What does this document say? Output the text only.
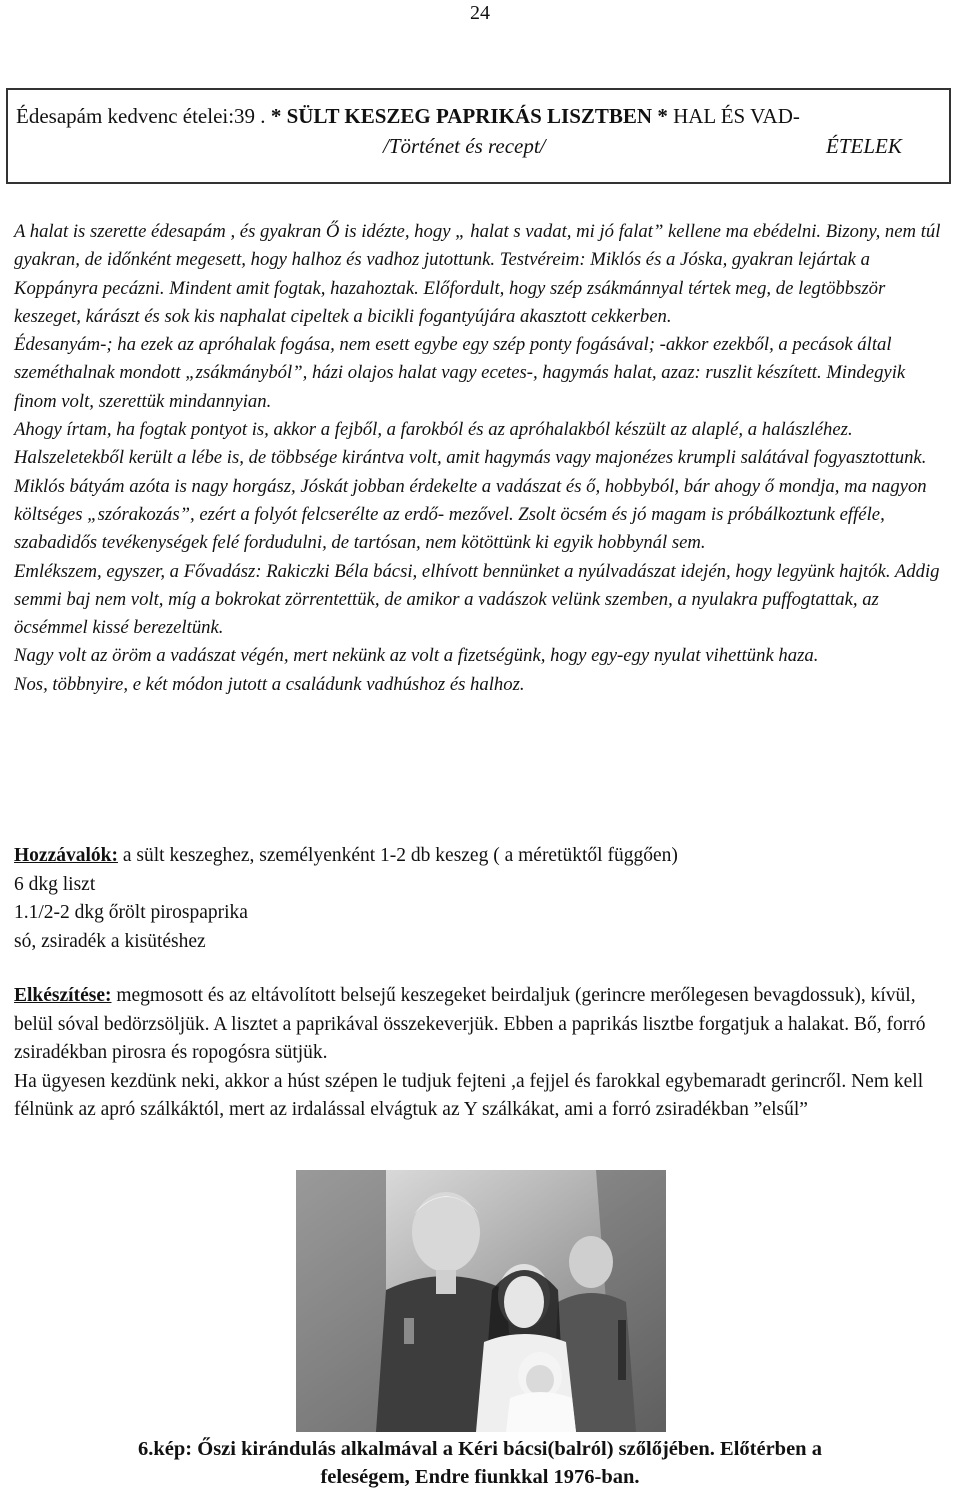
24
Édesapám kedvenc ételei:39 . * SÜLT KESZEG PAPRIKÁS LISZTBEN * HAL ÉS VAD-
/Történet és recept/	ÉTELEK

A halat is szerette édesapám , és gyakran Ő is idézte, hogy „ halat s vadat, mi jó falat” kellene ma ebédelni. Bizony, nem túl gyakran, de időnként megesett, hogy halhoz és vadhoz jutottunk. Testvéreim: Miklós és a Jóska, gyakran lejártak a Koppányra pecázni. Mindent amit fogtak, hazahoztak. Előfordult, hogy szép zsákmánnyal tértek meg, de legtöbbször keszeget, kárászt és sok kis naphalat cipeltek a bicikli fogantyújára akasztott cekkerben.

Édesanyám-; ha ezek az apróhalak fogása, nem esett egybe egy szép ponty fogásával; -akkor ezekből, a pecások által szeméthalnak mondott „zsákmányból”, házi olajos halat vagy ecetes-, hagymás halat, azaz: ruszlit készített. Mindegyik finom volt, szerettük mindannyian.

Ahogy írtam, ha fogtak pontyot is, akkor a fejből, a farokból és az apróhalakból készült az alaplé, a halászléhez. Halszeletekből került a lébe is, de többsége kirántva volt, amit hagymás vagy majonézes krumpli salátával fogyasztottunk.

Miklós bátyám azóta is nagy horgász, Jóskát jobban érdekelte a vadászat és ő, hobbyból, bár ahogy ő mondja, ma nagyon költséges „szórakozás”, ezért a folyót felcserélte az erdő- mezővel. Zsolt öcsém és jó magam is próbálkoztunk efféle, szabadidős tevékenységek felé fordudulni, de tartósan, nem kötöttünk ki egyik hobbynál sem.

Emlékszem, egyszer, a Fővadász: Rakiczki Béla bácsi, elhívott bennünket a nyúlvadászat idején, hogy legyünk hajtók. Addig semmi baj nem volt, míg a bokrokat zörrentettük, de amikor a vadászok velünk szemben, a nyulakra puffogtattak, az öcsémmel kissé berezeltünk.

Nagy volt az öröm a vadászat végén, mert nekünk az volt a fizetségünk, hogy egy-egy nyulat vihettünk haza.

Nos, többnyire, e két módon jutott a családunk vadhúshoz és halhoz.

Hozzávalók: a sült keszeghez, személyenként 1-2 db keszeg ( a méretüktől függően)

6 dkg liszt

1.1/2-2 dkg őrölt pirospaprika

só, zsiradék a kisütéshez

Elkészítése: megmosott és az eltávolított belsejű keszegeket beirdaljuk (gerincre merőlegesen bevagdossuk), kívül, belül sóval bedörzsöljük. A lisztet a paprikával összekeverjük. Ebben a paprikás lisztbe forgatjuk a halakat. Bő, forró zsiradékban pirosra és ropogósra sütjük.

Ha ügyesen kezdünk neki, akkor a húst szépen le tudjuk fejteni ,a fejjel és farokkal egybemaradt gerincről. Nem kell félnünk az apró szálkáktól, mert az irdalással elvágtuk az Y szálkákat, ami a forró zsiradékban ”elsűl”

6.kép: Őszi kirándulás alkalmával a Kéri bácsi(balról) szőlőjében. Előtérben a

feleségem, Endre fiunkkal 1976-ban.
